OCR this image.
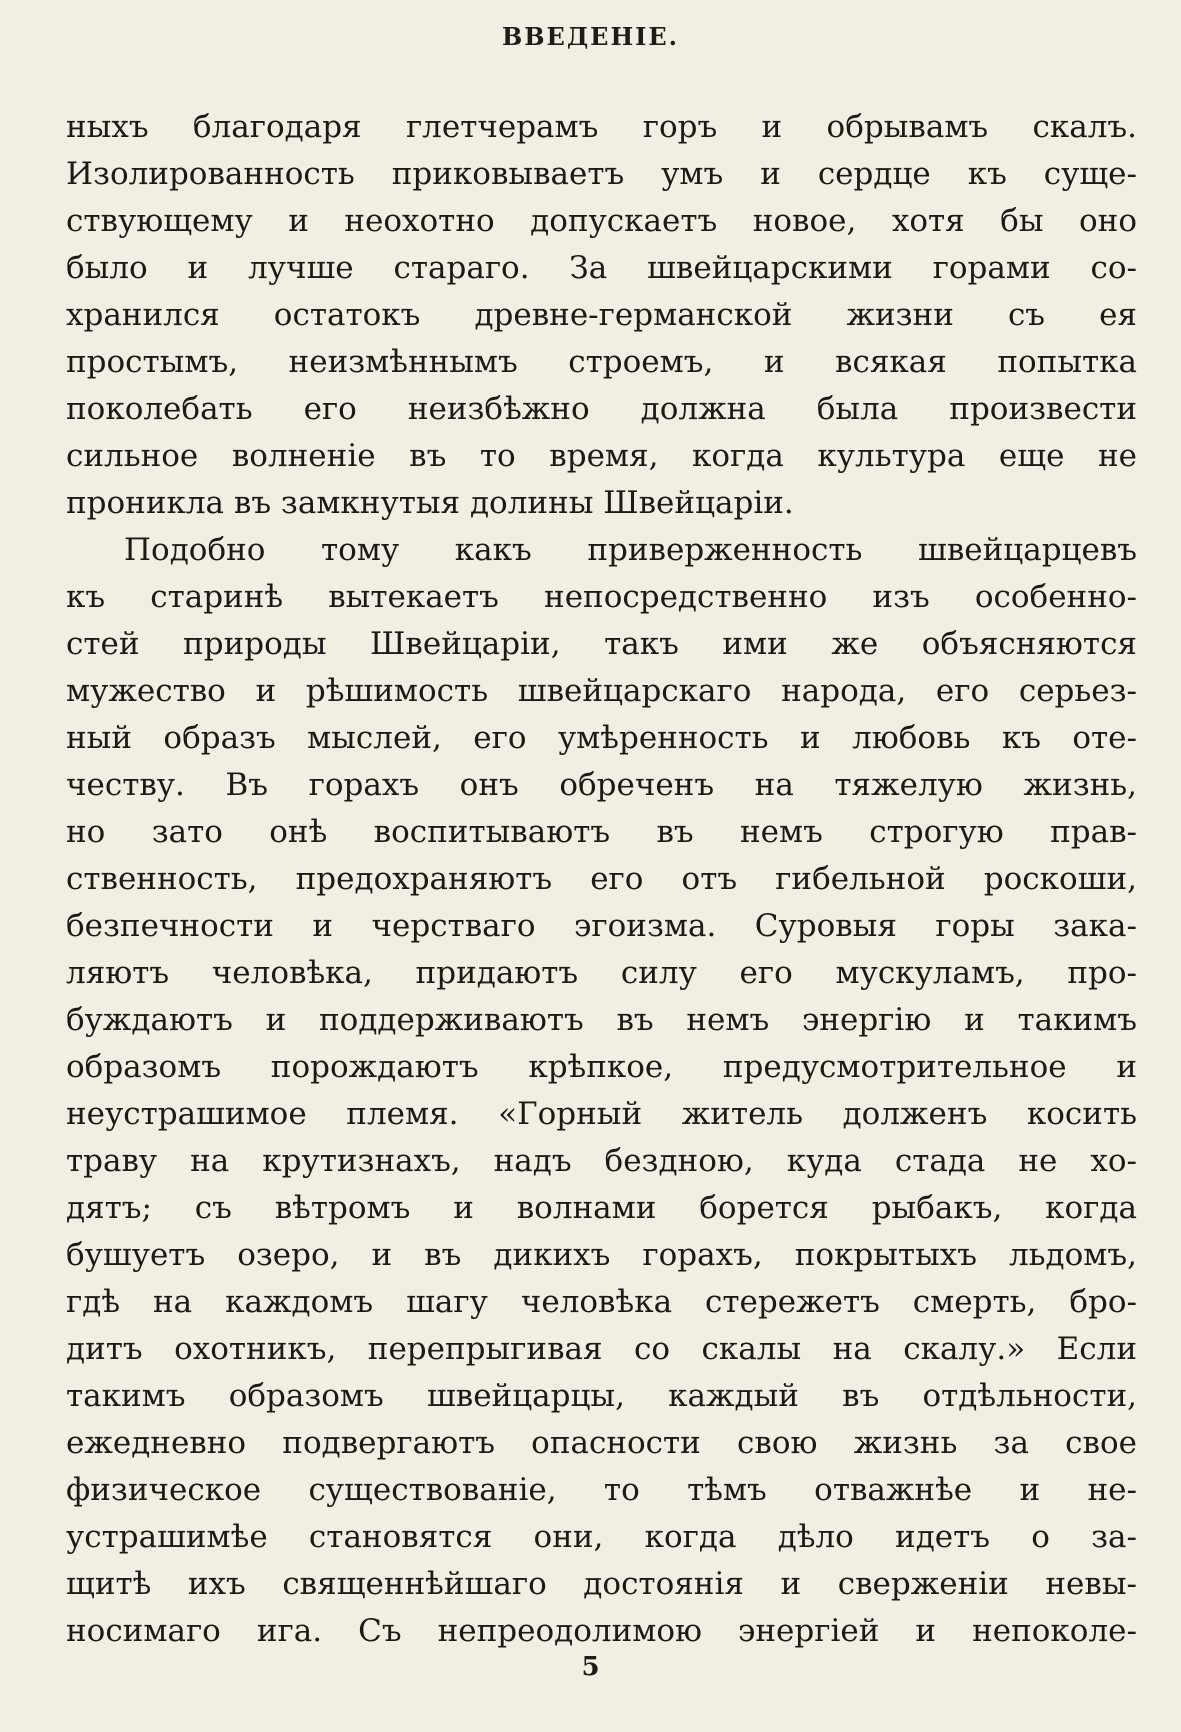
ВВЕДЕНІЕ.
ныхъ благодаря глетчерамъ горъ и обрывамъ скалъ.
Изолированность приковываетъ умъ и сердце къ суще-
ствующему и неохотно допускаетъ новое, хотя бы оно
было и лучше стараго. За швейцарскими горами со-
хранился остатокъ древне-германской жизни съ ея
простымъ, неизмѣннымъ строемъ, и всякая попытка
поколебать его неизбѣжно должна была произвести
сильное волненіе въ то время, когда культура еще не
проникла въ замкнутыя долины Швейцаріи.
Подобно тому какъ приверженность швейцарцевъ
къ старинѣ вытекаетъ непосредственно изъ особенно-
стей природы Швейцаріи, такъ ими же объясняются
мужество и рѣшимость швейцарскаго народа, его серьез-
ный образъ мыслей, его умѣренность и любовь къ оте-
честву. Въ горахъ онъ обреченъ на тяжелую жизнь,
но зато онѣ воспитываютъ въ немъ строгую прав-
ственность, предохраняютъ его отъ гибельной роскоши,
безпечности и черстваго эгоизма. Суровыя горы зака-
ляютъ человѣка, придаютъ силу его мускуламъ, про-
буждаютъ и поддерживаютъ въ немъ энергію и такимъ
образомъ порождаютъ крѣпкое, предусмотрительное и
неустрашимое племя. «Горный житель долженъ косить
траву на крутизнахъ, надъ бездною, куда стада не хо-
дятъ; съ вѣтромъ и волнами борется рыбакъ, когда
бушуетъ озеро, и въ дикихъ горахъ, покрытыхъ льдомъ,
гдѣ на каждомъ шагу человѣка стережетъ смерть, бро-
дитъ охотникъ, перепрыгивая со скалы на скалу.» Если
такимъ образомъ швейцарцы, каждый въ отдѣльности,
ежедневно подвергаютъ опасности свою жизнь за свое
физическое существованіе, то тѣмъ отважнѣе и не-
устрашимѣе становятся они, когда дѣло идетъ о за-
щитѣ ихъ священнѣйшаго достоянія и сверженіи невы-
носимаго ига. Съ непреодолимою энергіей и непоколе-
5
